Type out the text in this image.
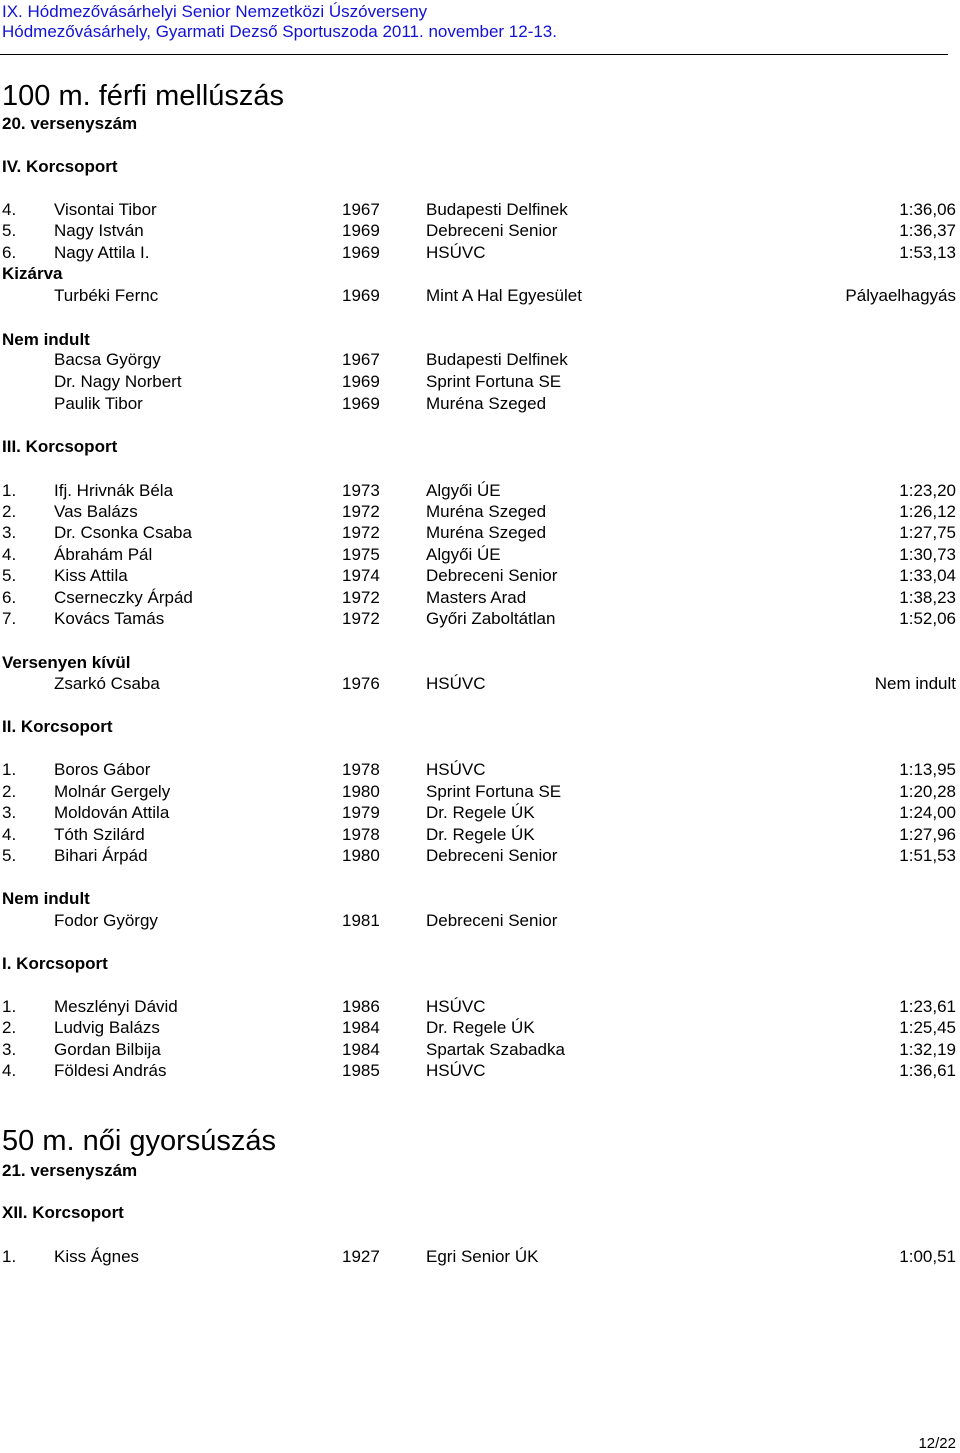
IX. Hódmezővásárhelyi Senior Nemzetközi Úszóverseny
Hódmezővásárhely, Gyarmati Dezső Sportuszoda 2011. november 12-13.
100 m. férfi mellúszás
20. versenyszám
IV. Korcsoport
4. Visontai Tibor	1967	Budapesti Delfinek	1:36,06
5. Nagy István	1969	Debreceni Senior	1:36,37
6. Nagy Attila I.	1969	HSÚVC	1:53,13
Kizárva
Turbéki Fernc	1969	Mint A Hal Egyesület	Pályaelhagyás
Nem indult
Bacsa György	1967	Budapesti Delfinek
Dr. Nagy Norbert	1969	Sprint Fortuna SE
Paulik Tibor	1969	Muréna Szeged
III. Korcsoport
1. Ifj. Hrivnák Béla	1973	Algyői ÚE	1:23,20
2. Vas Balázs	1972	Muréna Szeged	1:26,12
3. Dr. Csonka Csaba	1972	Muréna Szeged	1:27,75
4. Ábrahám Pál	1975	Algyői ÚE	1:30,73
5. Kiss Attila	1974	Debreceni Senior	1:33,04
6. Cserneczky Árpád	1972	Masters Arad	1:38,23
7. Kovács Tamás	1972	Győri Zaboltátlan	1:52,06
Versenyen kívül
Zsarkó Csaba	1976	HSÚVC	Nem indult
II. Korcsoport
1. Boros Gábor	1978	HSÚVC	1:13,95
2. Molnár Gergely	1980	Sprint Fortuna SE	1:20,28
3. Moldován Attila	1979	Dr. Regele ÚK	1:24,00
4. Tóth Szilárd	1978	Dr. Regele ÚK	1:27,96
5. Bihari Árpád	1980	Debreceni Senior	1:51,53
Nem indult
Fodor György	1981	Debreceni Senior
I. Korcsoport
1. Meszlényi Dávid	1986	HSÚVC	1:23,61
2. Ludvig Balázs	1984	Dr. Regele ÚK	1:25,45
3. Gordan Bilbija	1984	Spartak Szabadka	1:32,19
4. Földesi András	1985	HSÚVC	1:36,61
50 m. női gyorsúszás
21. versenyszám
XII. Korcsoport
1. Kiss Ágnes	1927	Egri Senior ÚK	1:00,51
12/22
